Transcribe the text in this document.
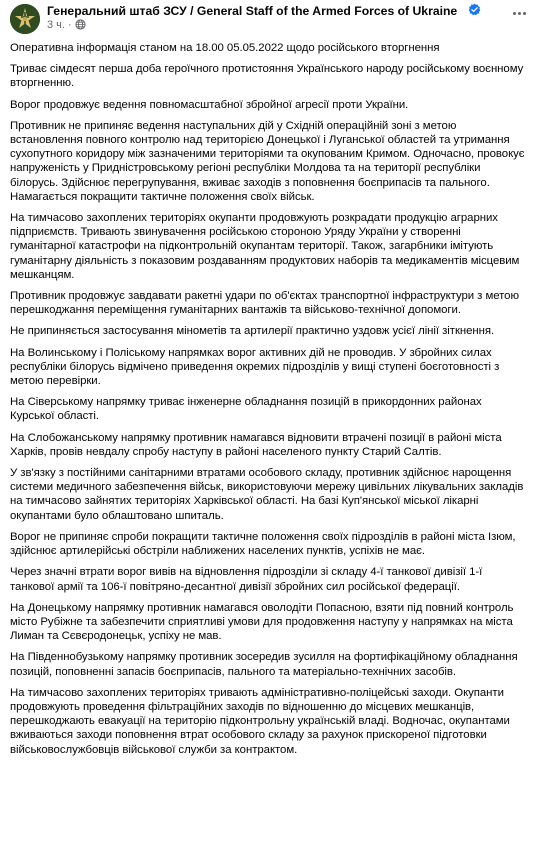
Генеральний штаб ЗСУ / General Staff of the Armed Forces of Ukraine
3 ч. ·

Оперативна інформація станом на 18.00 05.05.2022 щодо російського вторгнення

Триває сімдесят перша доба героїчного протистояння Українського народу російському воєнному вторгненню.

Ворог продовжує ведення повномасштабної збройної агресії проти України.

Противник не припиняє ведення наступальних дій у Східній операційній зоні з метою встановлення повного контролю над територією Донецької і Луганської областей та утримання сухопутного коридору між зазначеними територіями та окупованим Кримом. Одночасно, провокує напруженість у Придністровському регіоні республіки Молдова та на території республіки білорусь. Здійснює перегрупування, вживає заходів з поповнення боєприпасів та пального. Намагається покращити тактичне положення своїх військ.

На тимчасово захоплених територіях окупанти продовжують розкрадати продукцію аграрних підприємств. Тривають звинувачення російською стороною Уряду України у створенні гуманітарної катастрофи на підконтрольній окупантам території. Також, загарбники імітують гуманітарну діяльність з показовим роздаванням продуктових наборів та медикаментів місцевим мешканцям.

Противник продовжує завдавати ракетні удари по об'єктах транспортної інфраструктури з метою перешкоджання переміщення гуманітарних вантажів та військово-технічної допомоги.

Не припиняється застосування мінометів та артилерії практично уздовж усієї лінії зіткнення.

На Волинському і Поліському напрямках ворог активних дій не проводив. У збройних силах республіки білорусь відмічено приведення окремих підрозділів у вищі ступені боєготовності з метою перевірки.

На Сіверському напрямку триває інженерне обладнання позицій в прикордонних районах Курської області.

На Слобожанському напрямку противник намагався відновити втрачені позиції в районі міста Харків, провів невдалу спробу наступу в районі населеного пункту Старий Салтів.

У зв'язку з постійними санітарними втратами особового складу, противник здійснює нарощення системи медичного забезпечення військ, використовуючи мережу цивільних лікувальних закладів на тимчасово зайнятих територіях Харківської області. На базі Куп'янської міської лікарні окупантами було облаштовано шпиталь.

Ворог не припиняє спроби покращити тактичне положення своїх підрозділів в районі міста Ізюм, здійснює артилерійські обстріли наближених населених пунктів, успіхів не має.

Через значні втрати ворог вивів на відновлення підрозділи зі складу 4-ї танкової дивізії 1-ї танкової армії та 106-ї повітряно-десантної дивізії збройних сил російської федерації.

На Донецькому напрямку противник намагався оволодіти Попасною, взяти під повний контроль місто Рубіжне та забезпечити сприятливі умови для продовження наступу у напрямках на міста Лиман та Сєвєродонецьк, успіху не мав.

На Південнобузькому напрямку противник зосередив зусилля на фортифікаційному обладнання позицій, поповненні запасів боєприпасів, пального та матеріально-технічних засобів.

На тимчасово захоплених територіях тривають адміністративно-поліцейські заходи. Окупанти продовжують проведення фільтраційних заходів по відношенню до місцевих мешканців, перешкоджають евакуації на територію підконтрольну українській владі. Водночас, окупантами вживаються заходи поповнення втрат особового складу за рахунок прискореної підготовки військовослужбовців військової служби за контрактом.
